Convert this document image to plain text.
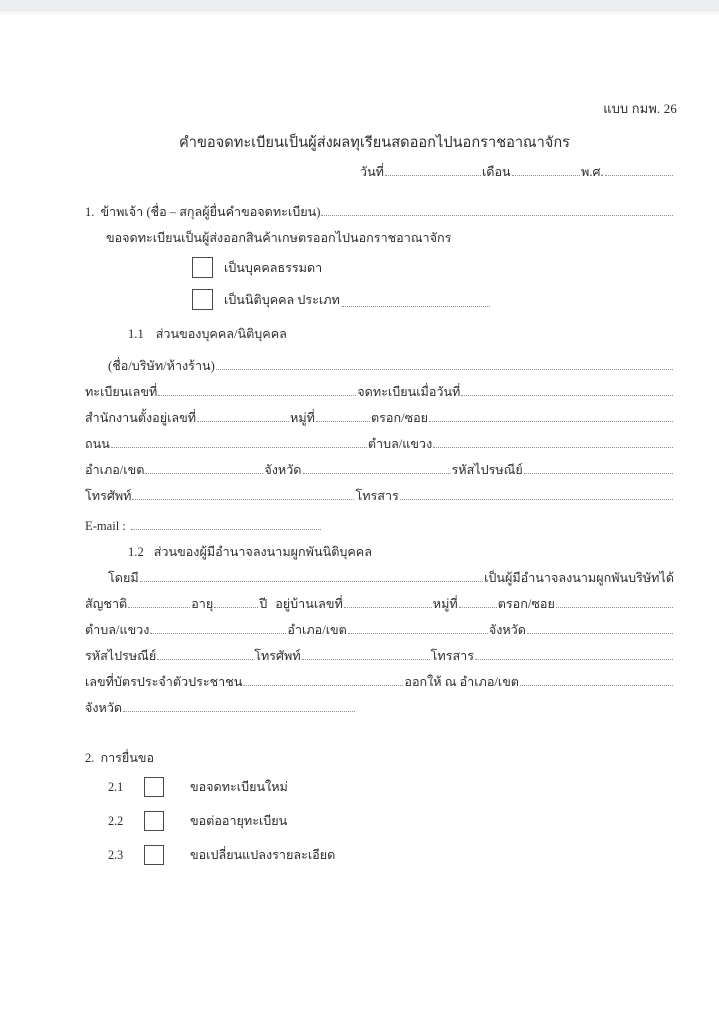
แบบ กมพ. 26
คำขอจดทะเบียนเป็นผู้ส่งผลทุเรียนสดออกไปนอกราชอาณาจักร
วันที่	เดือน	พ.ศ.
1. ข้าพเจ้า (ชื่อ – สกุลผู้ยื่นคำขอจดทะเบียน)
ขอจดทะเบียนเป็นผู้ส่งออกสินค้าเกษตรออกไปนอกราชอาณาจักร
เป็นบุคคลธรรมดา
เป็นนิติบุคคล ประเภท
1.1 ส่วนของบุคคล/นิติบุคคล
(ชื่อ/บริษัท/ห้างร้าน)
ทะเบียนเลขที่	จดทะเบียนเมื่อวันที่
สำนักงานตั้งอยู่เลขที่	หมู่ที่	ตรอก/ซอย
ถนน	ตำบล/แขวง
อำเภอ/เขต	จังหวัด	รหัสไปรษณีย์
โทรศัพท์	โทรสาร
E-mail :
1.2 ส่วนของผู้มีอำนาจลงนามผูกพันนิติบุคคล
โดยมี	เป็นผู้มีอำนาจลงนามผูกพันบริษัทได้
สัญชาติ	อายุ	ปี อยู่บ้านเลขที่	หมู่ที่	ตรอก/ซอย
ตำบล/แขวง	อำเภอ/เขต	จังหวัด
รหัสไปรษณีย์	โทรศัพท์	โทรสาร
เลขที่บัตรประจำตัวประชาชน	ออกให้ ณ อำเภอ/เขต
จังหวัด
2. การยื่นขอ
2.1	ขอจดทะเบียนใหม่
2.2	ขอต่ออายุทะเบียน
2.3	ขอเปลี่ยนแปลงรายละเอียด
